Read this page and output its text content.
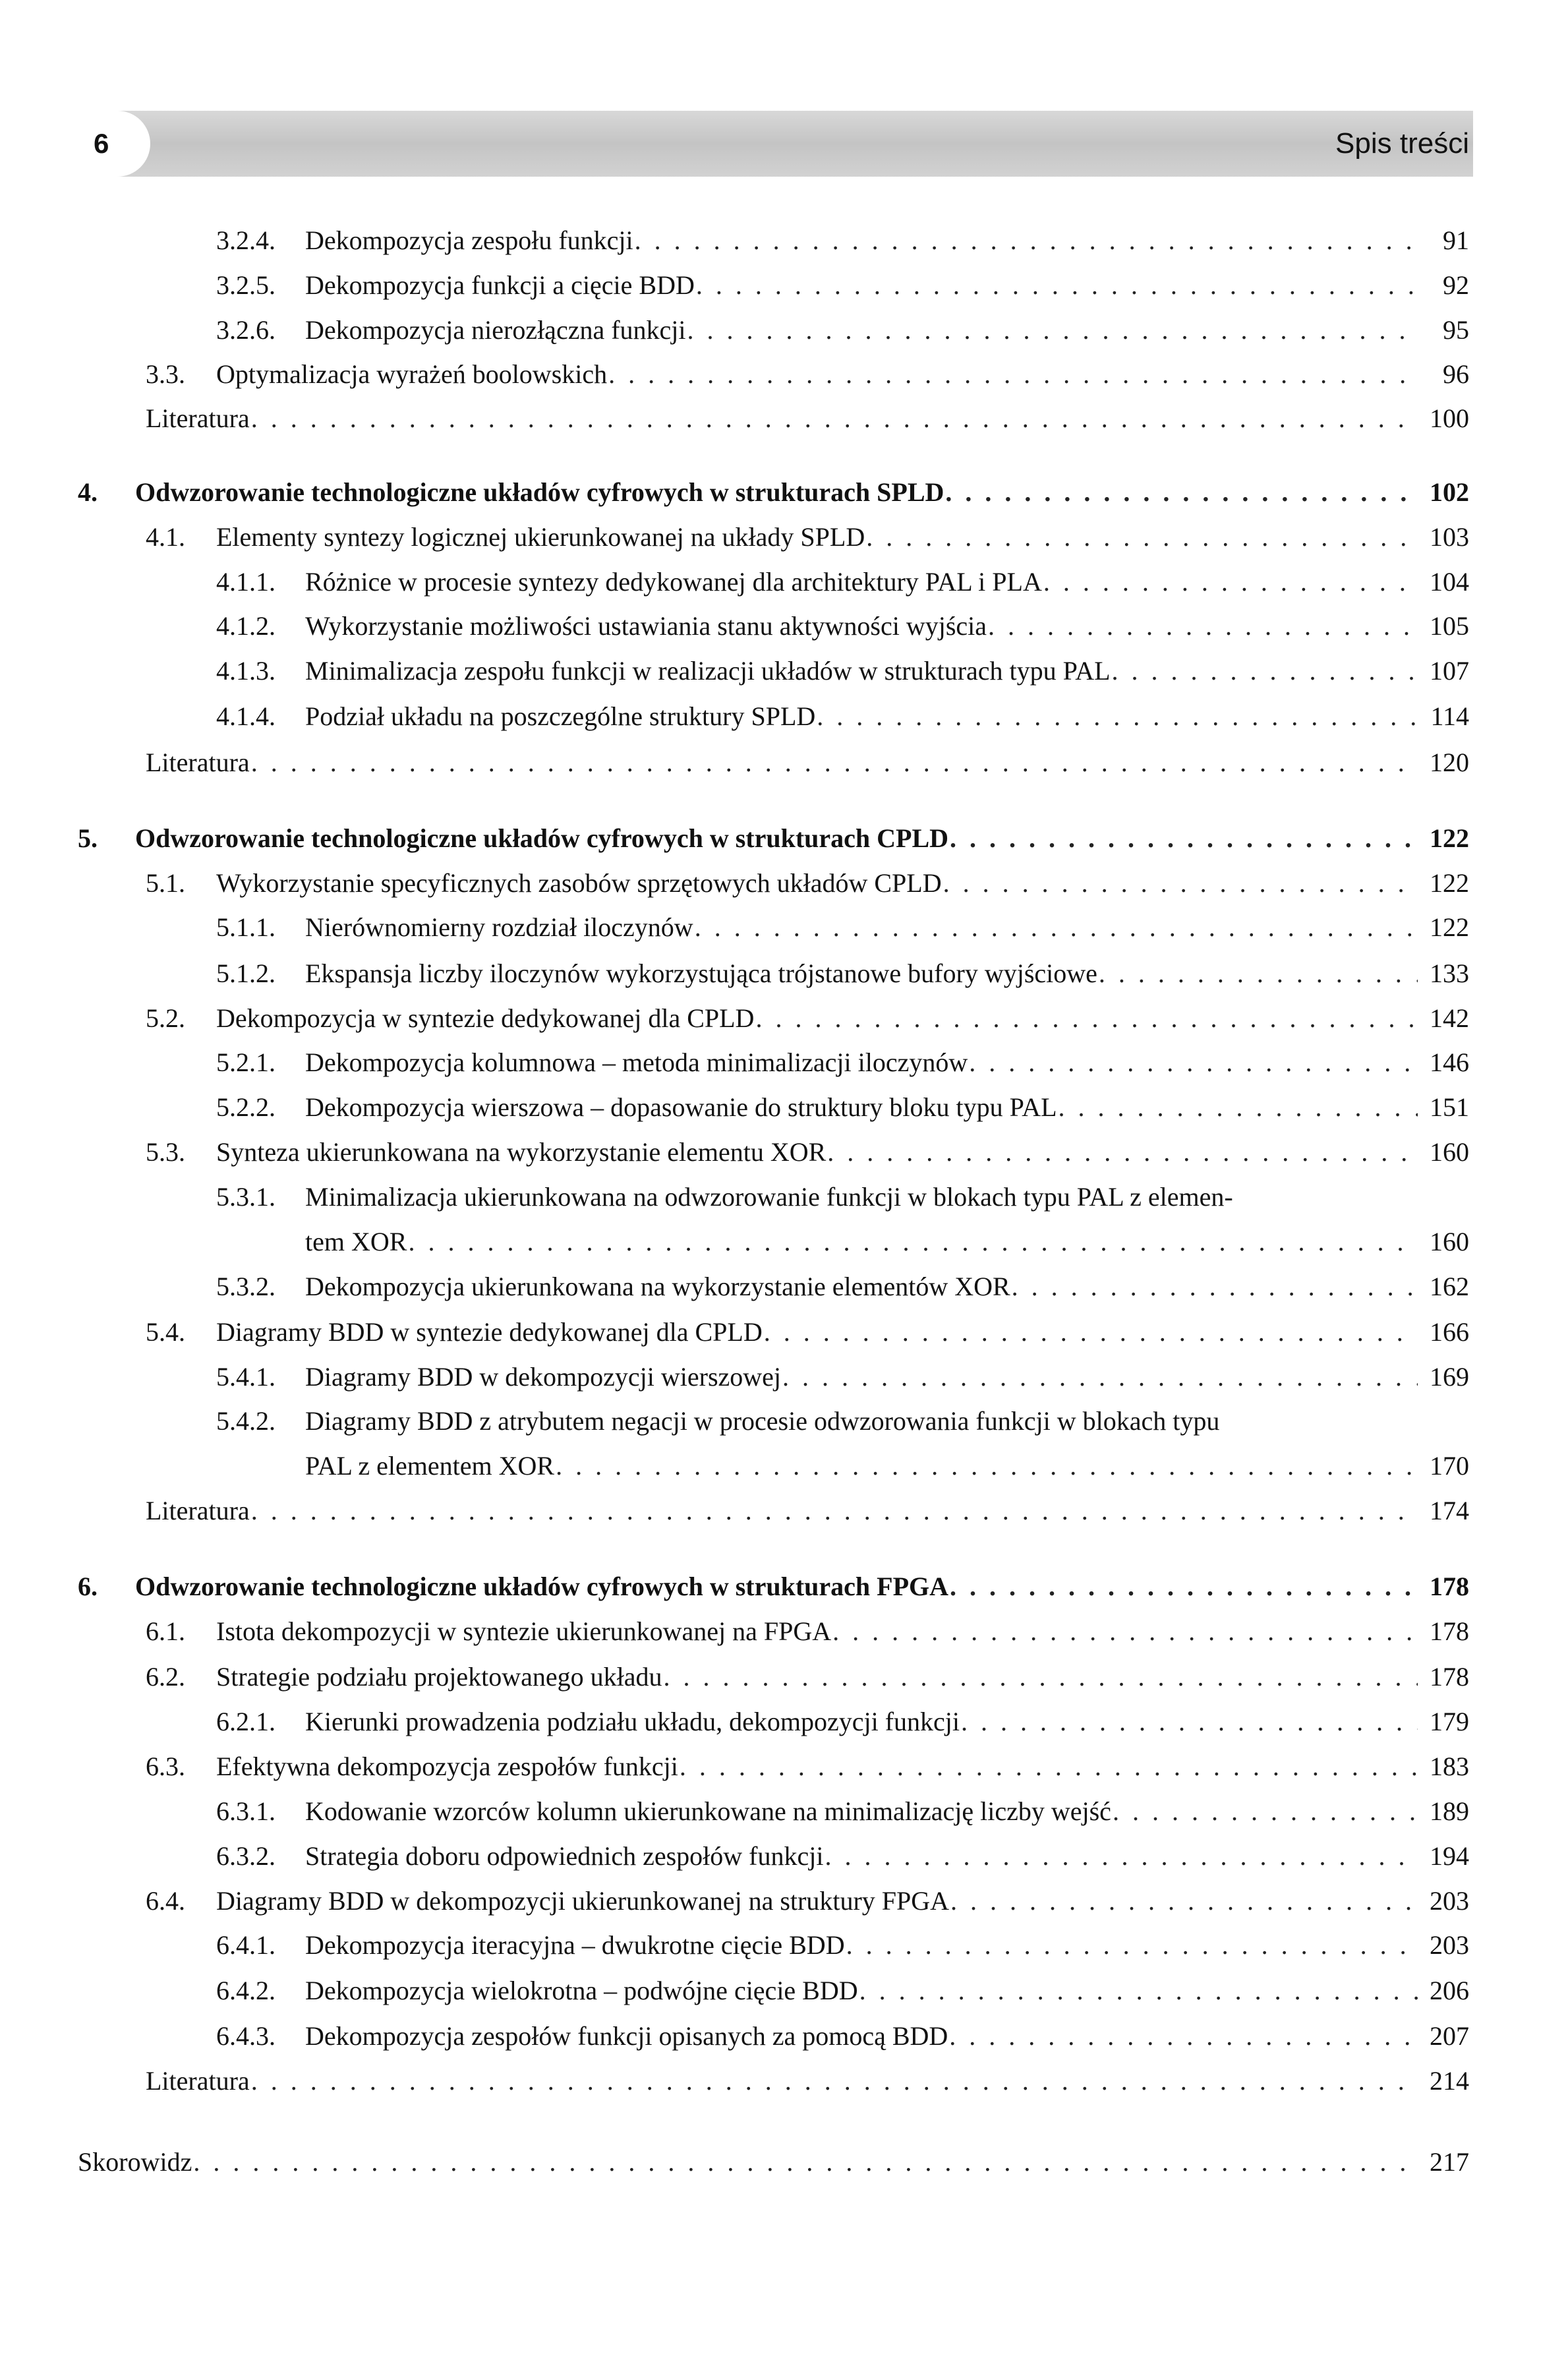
6	Spis treści
3.2.4. Dekompozycja zespołu funkcji . . .	91
3.2.5. Dekompozycja funkcji a cięcie BDD . . .	92
3.2.6. Dekompozycja nierozłączna funkcji . . .	95
3.3. Optymalizacja wyrażeń boolowskich . . .	96
Literatura . . .	100
4. Odwzorowanie technologiczne układów cyfrowych w strukturach SPLD . . .	102
4.1. Elementy syntezy logicznej ukierunkowanej na układy SPLD . . .	103
4.1.1. Różnice w procesie syntezy dedykowanej dla architektury PAL i PLA . . .	104
4.1.2. Wykorzystanie możliwości ustawiania stanu aktywności wyjścia . . .	105
4.1.3. Minimalizacja zespołu funkcji w realizacji układów w strukturach typu PAL . . .	107
4.1.4. Podział układu na poszczególne struktury SPLD . . .	114
Literatura . . .	120
5. Odwzorowanie technologiczne układów cyfrowych w strukturach CPLD . . .	122
5.1. Wykorzystanie specyficznych zasobów sprzętowych układów CPLD . . .	122
5.1.1. Nierównomierny rozdział iloczynów . . .	122
5.1.2. Ekspansja liczby iloczynów wykorzystująca trójstanowe bufory wyjściowe . . .	133
5.2. Dekompozycja w syntezie dedykowanej dla CPLD . . .	142
5.2.1. Dekompozycja kolumnowa – metoda minimalizacji iloczynów . . .	146
5.2.2. Dekompozycja wierszowa – dopasowanie do struktury bloku typu PAL . . .	151
5.3. Synteza ukierunkowana na wykorzystanie elementu XOR . . .	160
5.3.1. Minimalizacja ukierunkowana na odwzorowanie funkcji w blokach typu PAL z elemen-
tem XOR . . .	160
5.3.2. Dekompozycja ukierunkowana na wykorzystanie elementów XOR . . .	162
5.4. Diagramy BDD w syntezie dedykowanej dla CPLD . . .	166
5.4.1. Diagramy BDD w dekompozycji wierszowej . . .	169
5.4.2. Diagramy BDD z atrybutem negacji w procesie odwzorowania funkcji w blokach typu
PAL z elementem XOR . . .	170
Literatura . . .	174
6. Odwzorowanie technologiczne układów cyfrowych w strukturach FPGA . . .	178
6.1. Istota dekompozycji w syntezie ukierunkowanej na FPGA . . .	178
6.2. Strategie podziału projektowanego układu . . .	178
6.2.1. Kierunki prowadzenia podziału układu, dekompozycji funkcji . . .	179
6.3. Efektywna dekompozycja zespołów funkcji . . .	183
6.3.1. Kodowanie wzorców kolumn ukierunkowane na minimalizację liczby wejść . . .	189
6.3.2. Strategia doboru odpowiednich zespołów funkcji . . .	194
6.4. Diagramy BDD w dekompozycji ukierunkowanej na struktury FPGA . . .	203
6.4.1. Dekompozycja iteracyjna – dwukrotne cięcie BDD . . .	203
6.4.2. Dekompozycja wielokrotna – podwójne cięcie BDD . . .	206
6.4.3. Dekompozycja zespołów funkcji opisanych za pomocą BDD . . .	207
Literatura . . .	214
Skorowidz . . .	217
